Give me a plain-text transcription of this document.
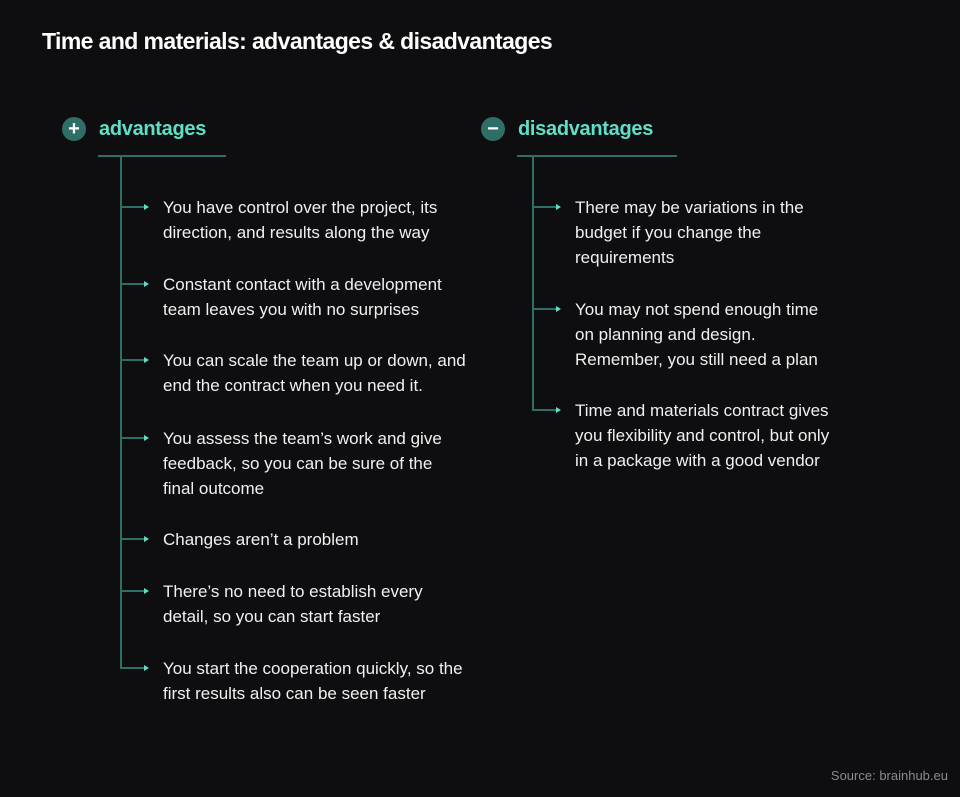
Time and materials: advantages & disadvantages
+ advantages
You have control over the project, its direction, and results along the way
Constant contact with a development team leaves you with no surprises
You can scale the team up or down, and end the contract when you need it.
You assess the team’s work and give feedback, so you can be sure of the final outcome
Changes aren’t a problem
There’s no need to establish every detail, so you can start faster
You start the cooperation quickly, so the first results also can be seen faster
− disadvantages
There may be variations in the budget if you change the requirements
You may not spend enough time on planning and design. Remember, you still need a plan
Time and materials contract gives you flexibility and control, but only in a package with a good vendor
Source: brainhub.eu
